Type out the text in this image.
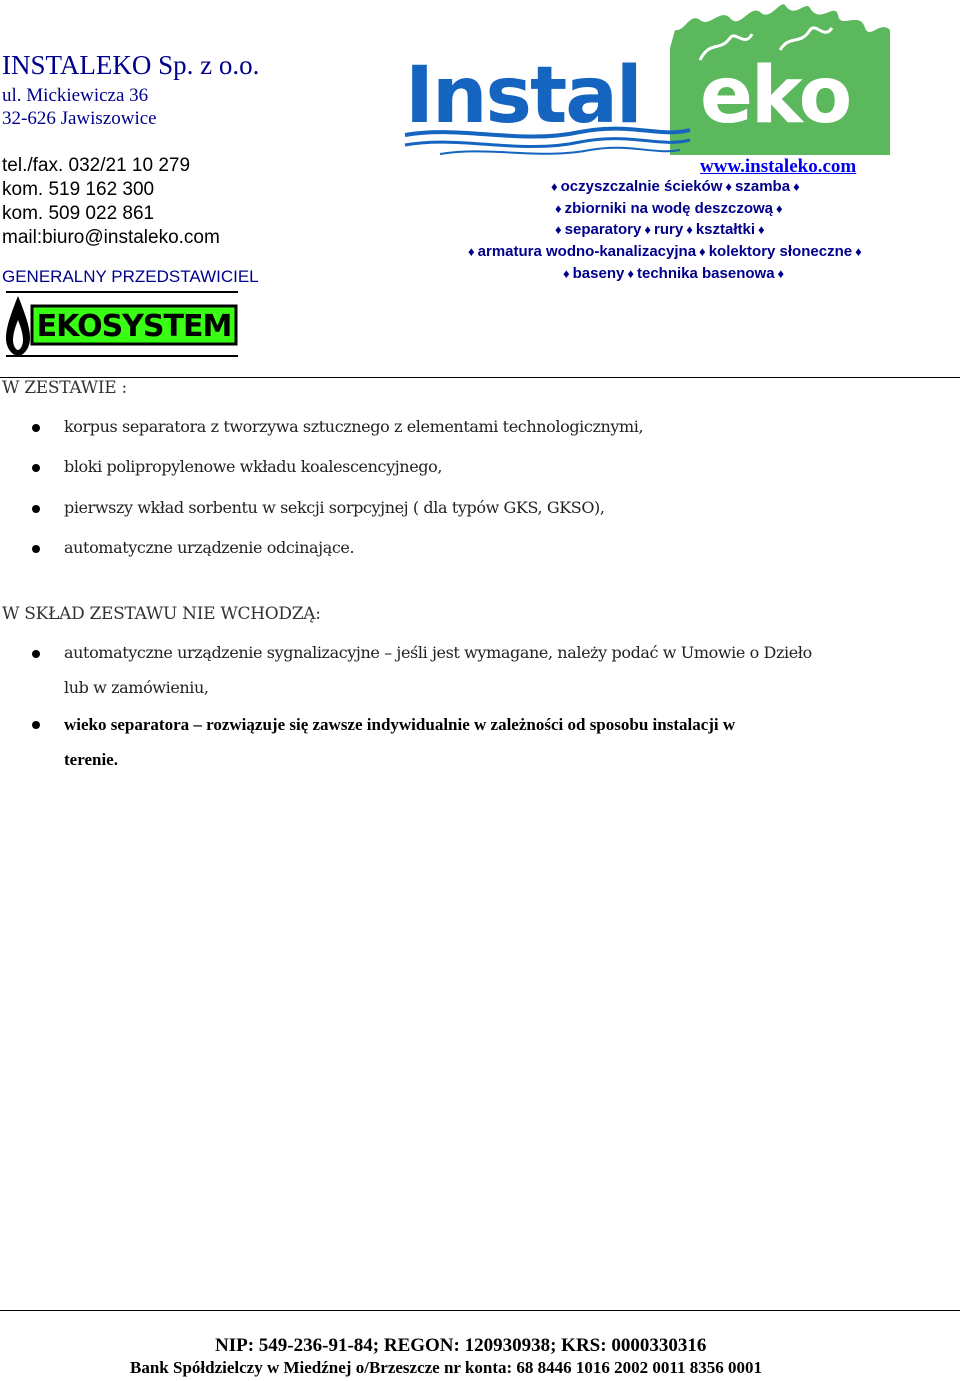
INSTALEKO Sp. z o.o.
ul. Mickiewicza 36
32-626 Jawiszowice
tel./fax. 032/21 10 279
kom. 519 162 300
kom. 509 022 861
mail:biuro@instaleko.com
GENERALNY PRZEDSTAWICIEL
EKOSYSTEM
Instal eko
www.instaleko.com
♦ oczyszczalnie ścieków ♦ szamba ♦
♦ zbiorniki na wodę deszczową ♦
♦ separatory ♦ rury ♦ kształtki ♦
♦ armatura wodno-kanalizacyjna ♦ kolektory słoneczne ♦
♦ baseny ♦ technika basenowa ♦
W ZESTAWIE :
korpus separatora z tworzywa sztucznego z elementami technologicznymi,
bloki polipropylenowe wkładu koalescencyjnego,
pierwszy wkład sorbentu w sekcji sorpcyjnej ( dla typów GKS, GKSO),
automatyczne urządzenie odcinające.
W SKŁAD ZESTAWU NIE WCHODZĄ:
automatyczne urządzenie sygnalizacyjne – jeśli jest wymagane, należy podać w Umowie o Dzieło
lub w zamówieniu,
wieko separatora – rozwiązuje się zawsze indywidualnie w zależności od sposobu instalacji w
terenie.
NIP: 549-236-91-84; REGON: 120930938; KRS: 0000330316
Bank Spółdzielczy w Miedźnej o/Brzeszcze nr konta: 68 8446 1016 2002 0011 8356 0001
